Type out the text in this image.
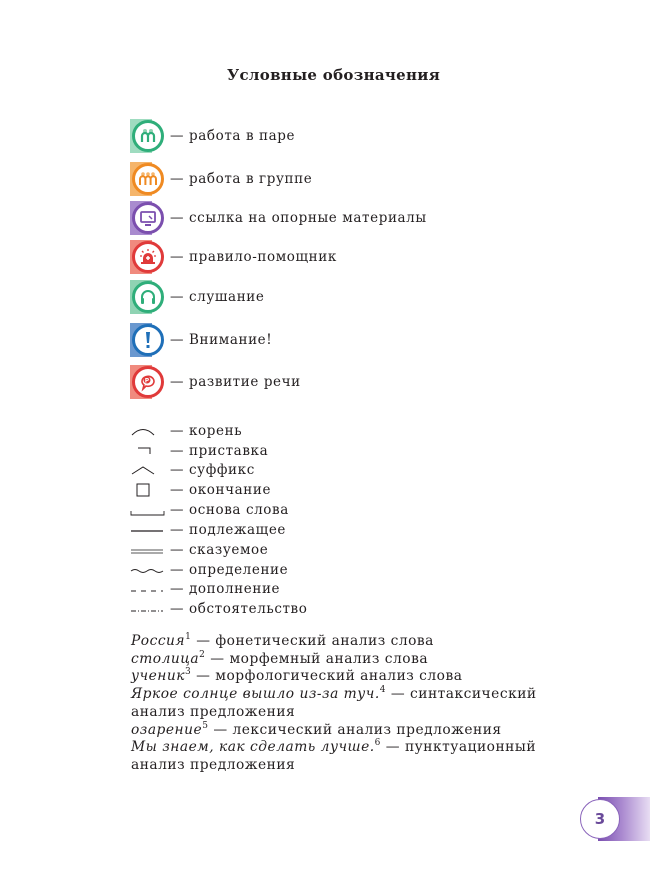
Условные обозначения
— работа в паре
— работа в группе
— ссылка на опорные материалы
— правило-помощник
— слушание
— Внимание!
P — развитие речи
— корень
— приставка
— суффикс
— окончание
— основа слова
— подлежащее
— сказуемое
— определение
— дополнение
— обстоятельство

Россия$^1$ — фонетический анализ слова

столица$^2$ — морфемный анализ слова

ученик$^3$ — морфологический анализ слова

Яркое солнце вышло из-за туч.$^4$ — синтаксический анализ предложения

озарение$^5$ — лексический анализ предложения

Мы знаем, как сделать лучше.$^6$ — пунктуационный анализ предложения

3
